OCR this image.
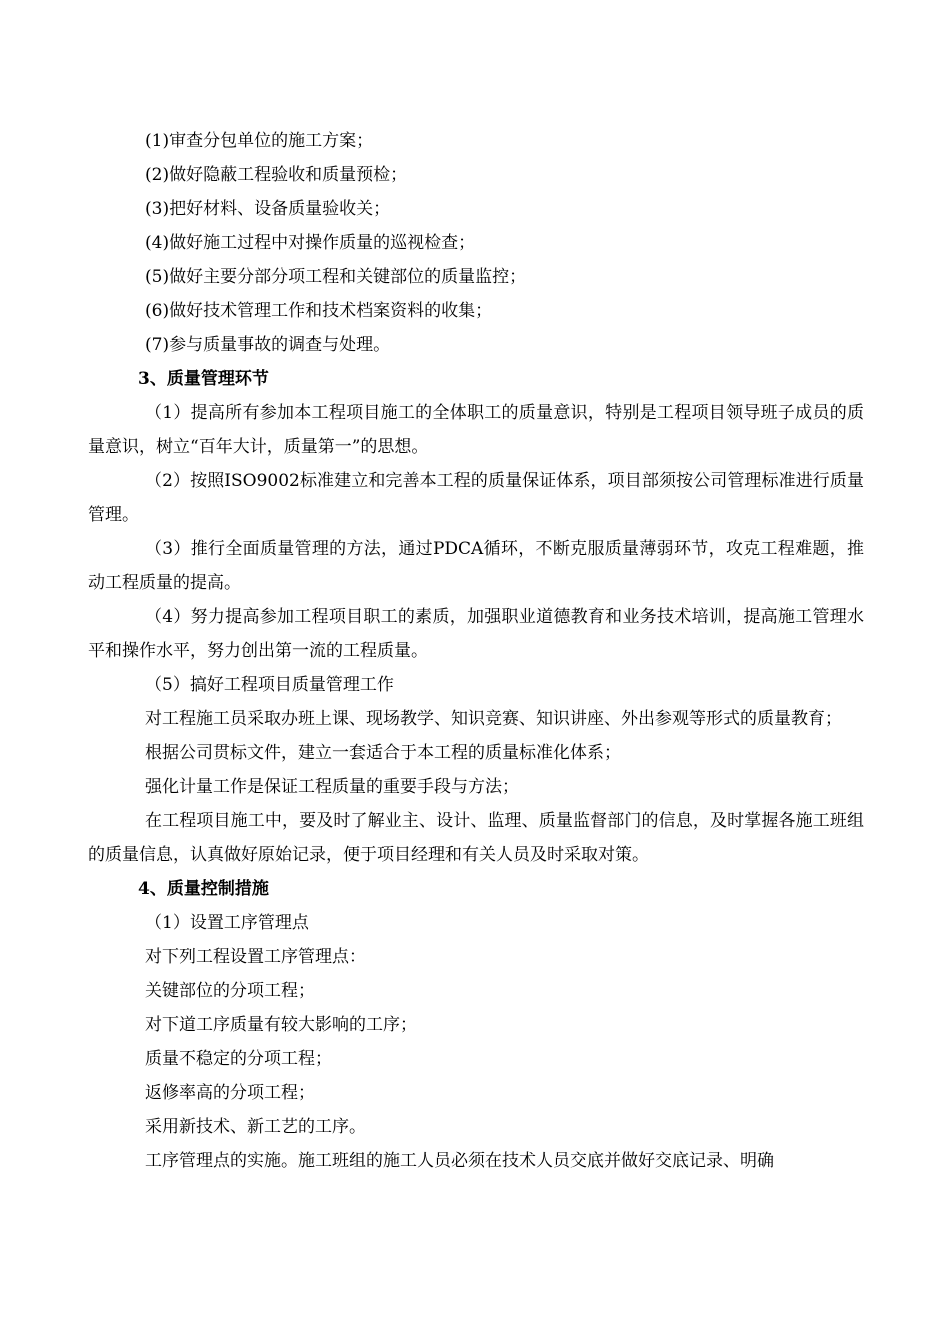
(1)审查分包单位的施工方案；
(2)做好隐蔽工程验收和质量预检；
(3)把好材料、设备质量验收关；
(4)做好施工过程中对操作质量的巡视检查；
(5)做好主要分部分项工程和关键部位的质量监控；
(6)做好技术管理工作和技术档案资料的收集；
(7)参与质量事故的调查与处理。
3、质量管理环节
（1）提高所有参加本工程项目施工的全体职工的质量意识，特别是工程项目领导班子成员的质量意识，树立“百年大计，质量第一”的思想。
（2）按照ISO9002标准建立和完善本工程的质量保证体系，项目部须按公司管理标准进行质量管理。
（3）推行全面质量管理的方法，通过PDCA循环，不断克服质量薄弱环节，攻克工程难题，推动工程质量的提高。
（4）努力提高参加工程项目职工的素质，加强职业道德教育和业务技术培训，提高施工管理水平和操作水平，努力创出第一流的工程质量。
（5）搞好工程项目质量管理工作
对工程施工员采取办班上课、现场教学、知识竞赛、知识讲座、外出参观等形式的质量教育；
根据公司贯标文件，建立一套适合于本工程的质量标准化体系；
强化计量工作是保证工程质量的重要手段与方法；
在工程项目施工中，要及时了解业主、设计、监理、质量监督部门的信息，及时掌握各施工班组的质量信息，认真做好原始记录，便于项目经理和有关人员及时采取对策。
4、质量控制措施
（1）设置工序管理点
对下列工程设置工序管理点：
关键部位的分项工程；
对下道工序质量有较大影响的工序；
质量不稳定的分项工程；
返修率高的分项工程；
采用新技术、新工艺的工序。
工序管理点的实施。施工班组的施工人员必须在技术人员交底并做好交底记录、明确
